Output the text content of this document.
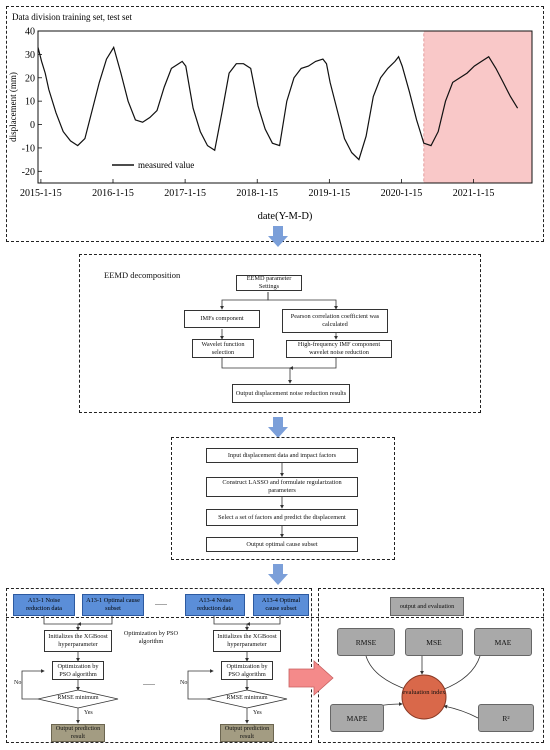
40
30
20
10
0
-10
-20
2015-1-15	2016-1-15	2017-1-15	2018-1-15	2019-1-15	2020-1-15	2021-1-15
measured value
Data division training set, test set
displacement (mm)
date(Y-M-D)
EEMD decomposition	EEMD parameter Settings
IMFs component	Pearson correlation coefficient was calculated
Wavelet function selection
High-frequency IMF component wavelet noise reduction
Output displacement noise reduction results
Input displacement data and impact factors
Construct LASSO and formulate regularization parameters
Select a set of factors and predict the displacement
Output optimal cause subset
A13-1 Noise reduction data
A13-1 Optimal cause subset
......	A13-4 Noise reduction data
A13-4 Optimal cause subset	output and evaluation
Initializes the XGBoost hyperparameter
Optimization by PSO algorithm
RMSE minimum
No
Yes
Output prediction result
Optimization by PSO algorithm
......
Initializes the XGBoost hyperparameter
Optimization by PSO algorithm
RMSE minimum
No
Yes
Output prediction result
RMSE	MSE	MAE
MAPE	R²
evaluation index
